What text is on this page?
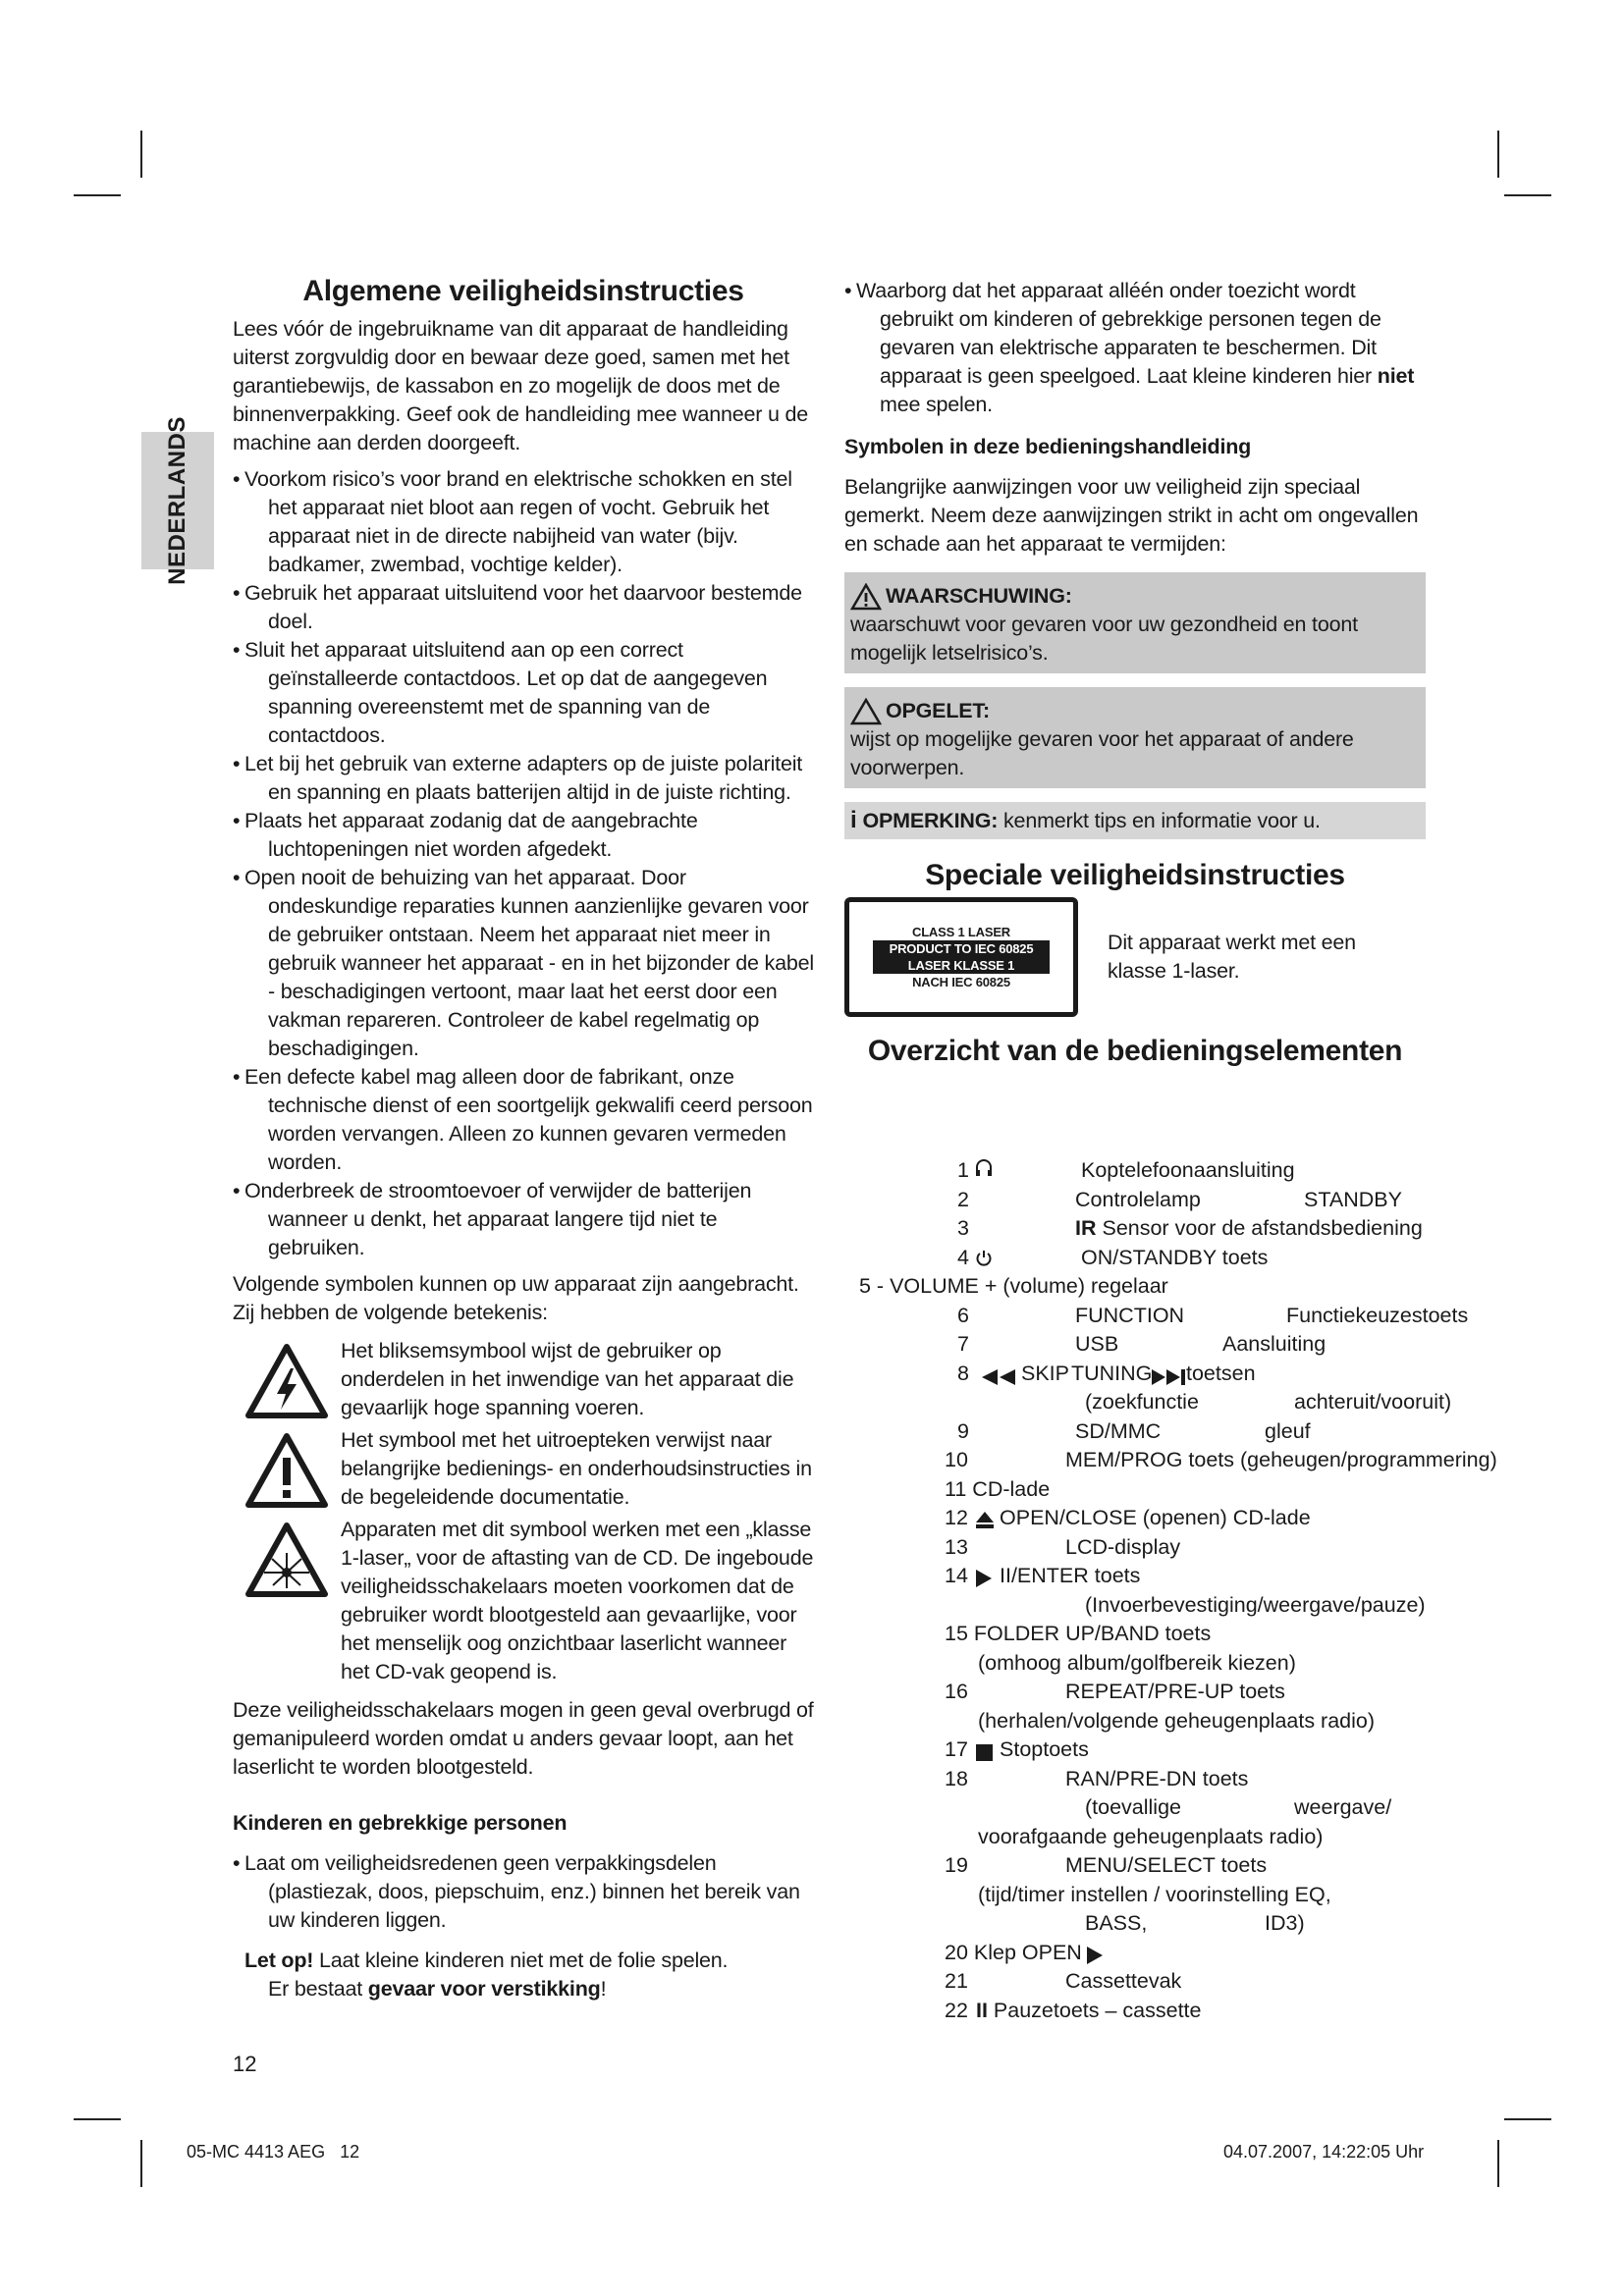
NEDERLANDS
Algemene veiligheidsinstructies

Lees vóór de ingebruikname van dit apparaat de handleiding uiterst zorgvuldig door en bewaar deze goed, samen met het garantiebewijs, de kassabon en zo mogelijk de doos met de binnenverpakking. Geef ook de handleiding mee wanneer u de machine aan derden doorgeeft.

• Voorkom risico’s voor brand en elektrische schokken en stel het apparaat niet bloot aan regen of vocht. Gebruik het apparaat niet in de directe nabijheid van water (bijv. badkamer, zwembad, vochtige kelder).
• Gebruik het apparaat uitsluitend voor het daarvoor bestemde doel.
• Sluit het apparaat uitsluitend aan op een correct geïnstalleerde contactdoos. Let op dat de aangegeven spanning overeenstemt met de spanning van de contactdoos.
• Let bij het gebruik van externe adapters op de juiste polariteit en spanning en plaats batterijen altijd in de juiste richting.
• Plaats het apparaat zodanig dat de aangebrachte luchtopeningen niet worden afgedekt.
• Open nooit de behuizing van het apparaat. Door ondeskundige reparaties kunnen aanzienlijke gevaren voor de gebruiker ontstaan. Neem het apparaat niet meer in gebruik wanneer het apparaat - en in het bijzonder de kabel - beschadigingen vertoont, maar laat het eerst door een vakman repareren. Controleer de kabel regelmatig op beschadigingen.
• Een defecte kabel mag alleen door de fabrikant, onze technische dienst of een soortgelijk gekwalifi ceerd persoon worden vervangen. Alleen zo kunnen gevaren vermeden worden.
• Onderbreek de stroomtoevoer of verwijder de batterijen wanneer u denkt, het apparaat langere tijd niet te gebruiken.

Volgende symbolen kunnen op uw apparaat zijn aangebracht. Zij hebben de volgende betekenis:

Het bliksemsymbool wijst de gebruiker op onderdelen in het inwendige van het apparaat die gevaarlijk hoge spanning voeren.

Het symbool met het uitroepteken verwijst naar belangrijke bedienings- en onderhoudsinstructies in de begeleidende documentatie.

Apparaten met dit symbool werken met een „klasse 1-laser„ voor de aftasting van de CD. De ingeboude veiligheidsschakelaars moeten voorkomen dat de gebruiker wordt blootgesteld aan gevaarlijke, voor het menselijk oog onzichtbaar laserlicht wanneer het CD-vak geopend is.

Deze veiligheidsschakelaars mogen in geen geval overbrugd of gemanipuleerd worden omdat u anders gevaar loopt, aan het laserlicht te worden blootgesteld.

Kinderen en gebrekkige personen
• Laat om veiligheidsredenen geen verpakkingsdelen (plastiezak, doos, piepschuim, enz.) binnen het bereik van uw kinderen liggen.

Let op! Laat kleine kinderen niet met de folie spelen.

Er bestaat gevaar voor verstikking!

12
• Waarborg dat het apparaat alléén onder toezicht wordt gebruikt om kinderen of gebrekkige personen tegen de gevaren van elektrische apparaten te beschermen. Dit apparaat is geen speelgoed. Laat kleine kinderen hier niet mee spelen.
Symbolen in deze bedieningshandleiding

Belangrijke aanwijzingen voor uw veiligheid zijn speciaal gemerkt. Neem deze aanwijzingen strikt in acht om ongevallen en schade aan het apparaat te vermijden:

WAARSCHUWING:

waarschuwt voor gevaren voor uw gezondheid en toont mogelijk letselrisico’s.

OPGELET:

wijst op mogelijke gevaren voor het apparaat of andere voorwerpen.

i OPMERKING: kenmerkt tips en informatie voor u.
Speciale veiligheidsinstructies
CLASS 1 LASER
PRODUCT TO IEC 60825
LASER KLASSE 1
NACH IEC 60825

Dit apparaat werkt met een klasse 1-laser.

Overzicht van de bedieningselementen
1	Koptelefoonaansluiting
2	Controlelamp	STANDBY
3	IR Sensor voor de afstandsbediening
4	ON/STANDBY toets
5 - VOLUME + (volume) regelaar
6	FUNCTION	Functiekeuzestoets
7	USB	Aansluiting
8 SKIP TUNING toetsen
(zoekfunctie	achteruit/vooruit)
9	SD/MMC	gleuf
10	MEM/PROG toets (geheugen/programmering)
11 CD-lade
12 OPEN/CLOSE (openen) CD-lade
13	LCD-display
14 II/ENTER toets
(Invoerbevestiging/weergave/pauze)
15 FOLDER UP/BAND toets
(omhoog album/golfbereik kiezen)
16	REPEAT/PRE-UP toets
(herhalen/volgende geheugenplaats radio)
17 Stoptoets
18	RAN/PRE-DN toets
(toevallige	weergave/
voorafgaande geheugenplaats radio)
19	MENU/SELECT toets
(tijd/timer instellen / voorinstelling EQ,
BASS,	ID3)
20 Klep OPEN
21	Cassettevak
22 II Pauzetoets – cassette
05-MC 4413 AEG   12	04.07.2007, 14:22:05 Uhr
